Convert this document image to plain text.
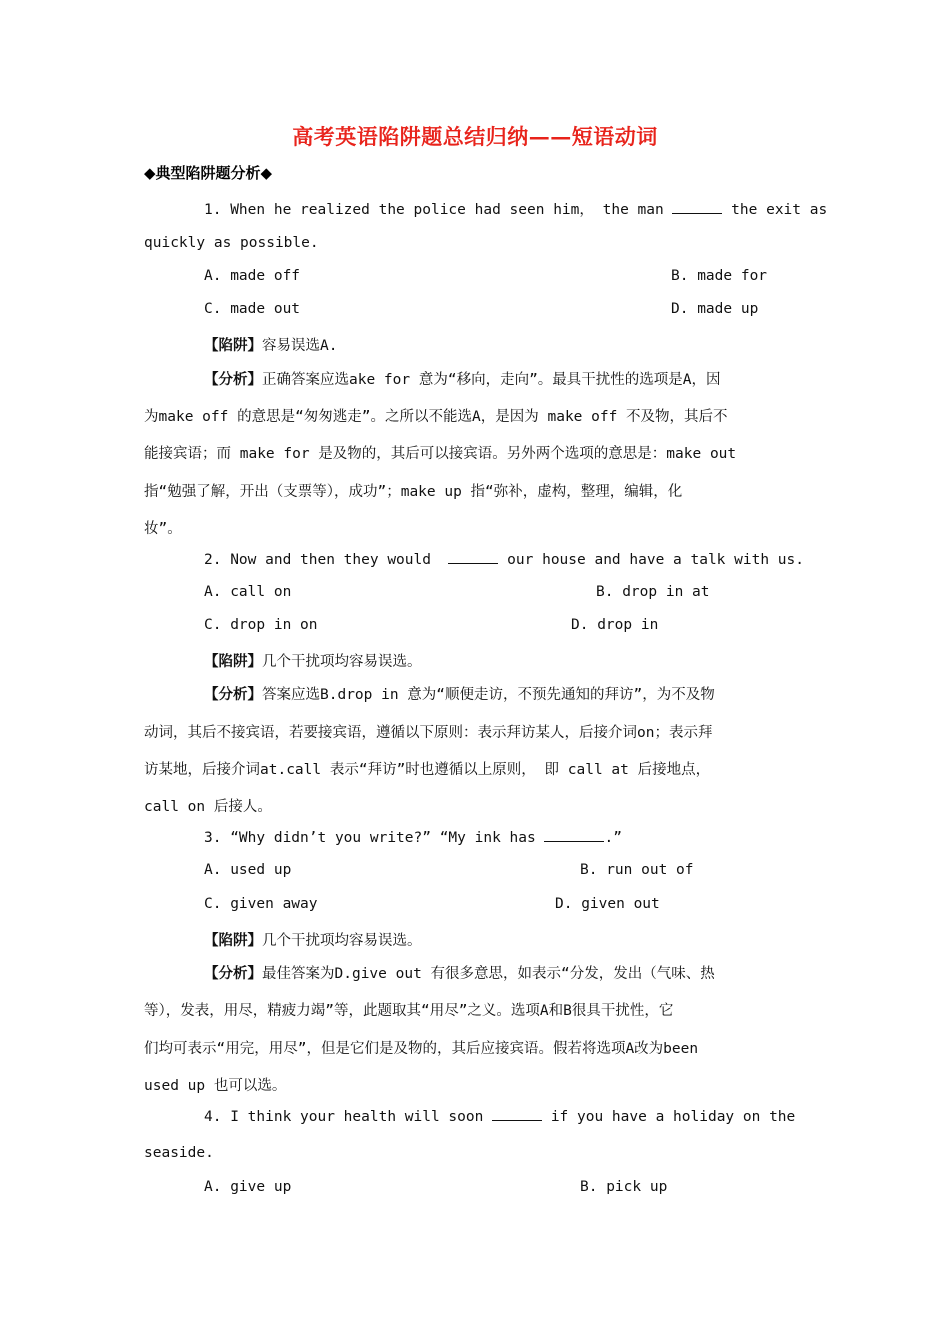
高考英语陷阱题总结归纳——短语动词
◆典型陷阱题分析◆
1. When he realized the police had seen him， the man	the exit as
quickly as possible.
A. made off	B. made for
C. made out	D. made up
【陷阱】容易误选A.
【分析】正确答案应选ake for 意为“移向，走向”。最具干扰性的选项是A，因
为make off 的意思是“匆匆逃走”。之所以不能选A，是因为 make off 不及物，其后不
能接宾语；而 make for 是及物的，其后可以接宾语。另外两个选项的意思是：make out
指“勉强了解，开出（支票等），成功”；make up 指“弥补，虚构，整理，编辑，化
妆”。
2. Now and then they would	our house and have a talk with us.
A. call on	B. drop in at
C. drop in on	D. drop in
【陷阱】几个干扰项均容易误选。
【分析】答案应选B.drop in 意为“顺便走访，不预先通知的拜访”，为不及物
动词，其后不接宾语，若要接宾语，遵循以下原则：表示拜访某人，后接介词on；表示拜
访某地，后接介词at.call 表示“拜访”时也遵循以上原则， 即 call at 后接地点，
call on 后接人。
3. “Why didn’t you write?” “My ink has	.”
A. used up	B. run out of
C. given away	D. given out
【陷阱】几个干扰项均容易误选。
【分析】最佳答案为D.give out 有很多意思，如表示“分发，发出（气味、热
等），发表，用尽，精疲力竭”等，此题取其“用尽”之义。选项A和B很具干扰性，它
们均可表示“用完，用尽”，但是它们是及物的，其后应接宾语。假若将选项A改为been
used up 也可以选。
4. I think your health will soon	if you have a holiday on the
seaside.
A. give up	B. pick up
